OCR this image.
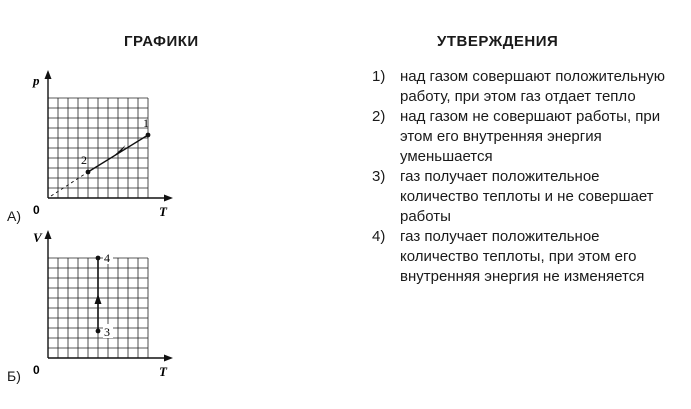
ГРАФИКИ	УТВЕРЖДЕНИЯ
1
2
p
T
0
А)
4
3
V
T
0
Б)
1) над газом совершают положительную работу, при этом газ отдает тепло
2) над газом не совершают работы, при этом его внутренняя энергия уменьшается
3) газ получает положительное количество теплоты и не совершает работы
4) газ получает положительное количество теплоты, при этом его внутренняя энергия не изменяется
